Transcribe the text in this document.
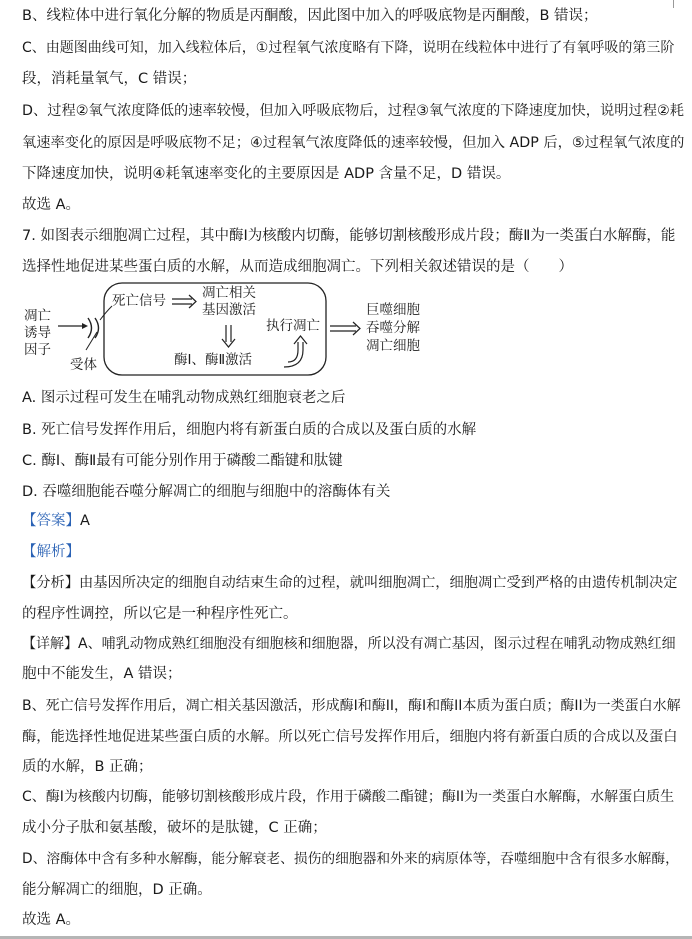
B、线粒体中进行氧化分解的物质是丙酮酸，因此图中加入的呼吸底物是丙酮酸，B 错误；
C、由题图曲线可知，加入线粒体后，①过程氧气浓度略有下降，说明在线粒体中进行了有氧呼吸的第三阶
段，消耗量氧气，C 错误；
D、过程②氧气浓度降低的速率较慢，但加入呼吸底物后，过程③氧气浓度的下降速度加快，说明过程②耗
氧速率变化的原因是呼吸底物不足；④过程氧气浓度降低的速率较慢，但加入 ADP 后，⑤过程氧气浓度的
下降速度加快，说明④耗氧速率变化的主要原因是 ADP 含量不足，D 错误。
故选 A。
7. 如图表示细胞凋亡过程，其中酶Ⅰ为核酸内切酶，能够切割核酸形成片段；酶Ⅱ为一类蛋白水解酶，能
选择性地促进某些蛋白质的水解，从而造成细胞凋亡。下列相关叙述错误的是（　　）
凋亡
诱导
因子
受体
死亡信号	凋亡相关
基因激活
酶Ⅰ、酶Ⅱ激活
执行凋亡
巨噬细胞
吞噬分解
凋亡细胞
A. 图示过程可发生在哺乳动物成熟红细胞衰老之后
B. 死亡信号发挥作用后，细胞内将有新蛋白质的合成以及蛋白质的水解
C. 酶Ⅰ、酶Ⅱ最有可能分别作用于磷酸二酯键和肽键
D. 吞噬细胞能吞噬分解凋亡的细胞与细胞中的溶酶体有关
【答案】A
【解析】
【分析】由基因所决定的细胞自动结束生命的过程，就叫细胞凋亡，细胞凋亡受到严格的由遗传机制决定
的程序性调控，所以它是一种程序性死亡。
【详解】A、哺乳动物成熟红细胞没有细胞核和细胞器，所以没有凋亡基因，图示过程在哺乳动物成熟红细
胞中不能发生，A 错误；
B、死亡信号发挥作用后，凋亡相关基因激活，形成酶I和酶II，酶I和酶II本质为蛋白质；酶II为一类蛋白水解
酶，能选择性地促进某些蛋白质的水解。所以死亡信号发挥作用后，细胞内将有新蛋白质的合成以及蛋白
质的水解，B 正确；
C、酶I为核酸内切酶，能够切割核酸形成片段，作用于磷酸二酯键；酶II为一类蛋白水解酶，水解蛋白质生
成小分子肽和氨基酸，破坏的是肽键，C 正确；
D、溶酶体中含有多种水解酶，能分解衰老、损伤的细胞器和外来的病原体等，吞噬细胞中含有很多水解酶，
能分解凋亡的细胞，D 正确。
故选 A。
